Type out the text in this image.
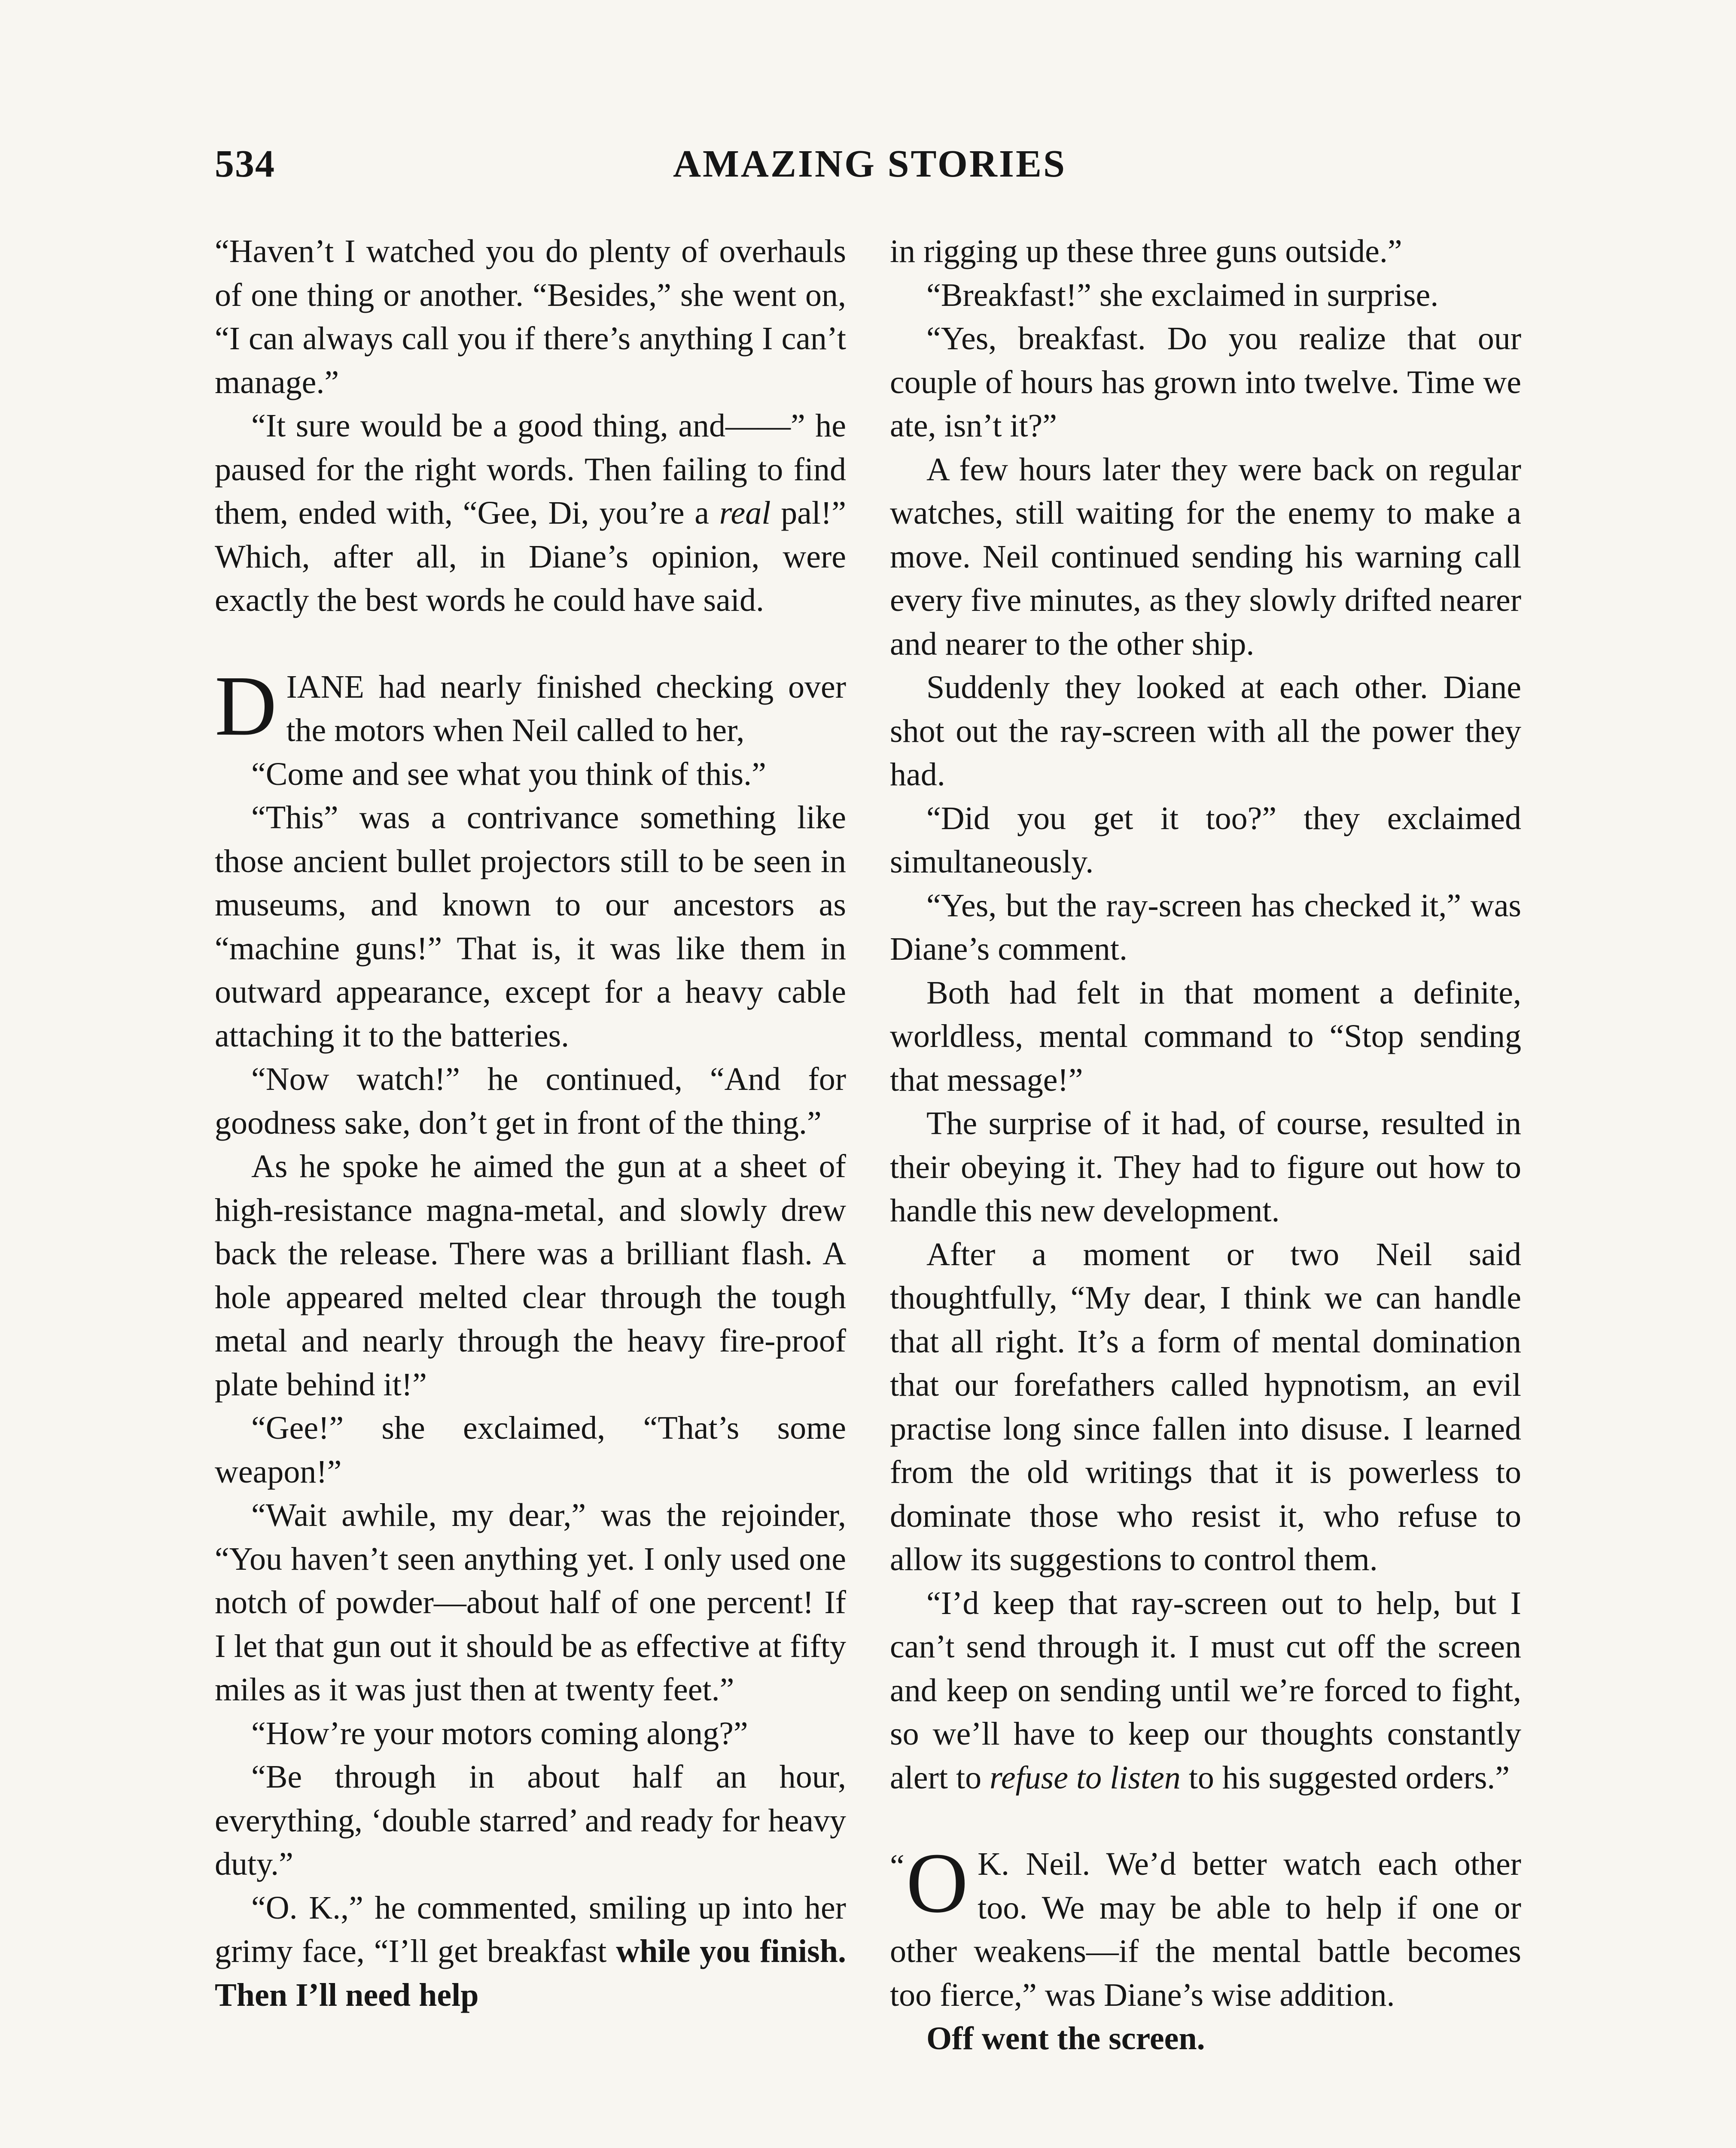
534	AMAZING STORIES

“Haven’t I watched you do plenty of overhauls of one thing or another. “Besides,” she went on, “I can always call you if there’s anything I can’t manage.”

“It sure would be a good thing, and——” he paused for the right words. Then failing to find them, ended with, “Gee, Di, you’re a real pal!” Which, after all, in Diane’s opinion, were exactly the best words he could have said.

DIANE had nearly finished checking over the motors when Neil called to her,

“Come and see what you think of this.”

“This” was a contrivance something like those ancient bullet projectors still to be seen in museums, and known to our ancestors as “machine guns!” That is, it was like them in outward appearance, except for a heavy cable attaching it to the batteries.

“Now watch!” he continued, “And for goodness sake, don’t get in front of the thing.”

As he spoke he aimed the gun at a sheet of high-resistance magna-metal, and slowly drew back the release. There was a brilliant flash. A hole appeared melted clear through the tough metal and nearly through the heavy fire-proof plate behind it!”

“Gee!” she exclaimed, “That’s some weapon!”

“Wait awhile, my dear,” was the rejoinder, “You haven’t seen anything yet. I only used one notch of powder—about half of one percent! If I let that gun out it should be as effective at fifty miles as it was just then at twenty feet.”

“How’re your motors coming along?”

“Be through in about half an hour, everything, ‘double starred’ and ready for heavy duty.”

“O. K.,” he commented, smiling up into her grimy face, “I’ll get breakfast while you finish. Then I’ll need help

in rigging up these three guns outside.”

“Breakfast!” she exclaimed in surprise.

“Yes, breakfast. Do you realize that our couple of hours has grown into twelve. Time we ate, isn’t it?”

A few hours later they were back on regular watches, still waiting for the enemy to make a move. Neil continued sending his warning call every five minutes, as they slowly drifted nearer and nearer to the other ship.

Suddenly they looked at each other. Diane shot out the ray-screen with all the power they had.

“Did you get it too?” they exclaimed simultaneously.

“Yes, but the ray-screen has checked it,” was Diane’s comment.

Both had felt in that moment a definite, worldless, mental command to “Stop sending that message!”

The surprise of it had, of course, resulted in their obeying it. They had to figure out how to handle this new development.

After a moment or two Neil said thoughtfully, “My dear, I think we can handle that all right. It’s a form of mental domination that our forefathers called hypnotism, an evil practise long since fallen into disuse. I learned from the old writings that it is powerless to dominate those who resist it, who refuse to allow its suggestions to control them.

“I’d keep that ray-screen out to help, but I can’t send through it. I must cut off the screen and keep on sending until we’re forced to fight, so we’ll have to keep our thoughts constantly alert to refuse to listen to his suggested orders.”

“ O K. Neil. We’d better watch each other too. We may be able to help if one or other weakens—if the mental battle becomes too fierce,” was Diane’s wise addition.

Off went the screen.
